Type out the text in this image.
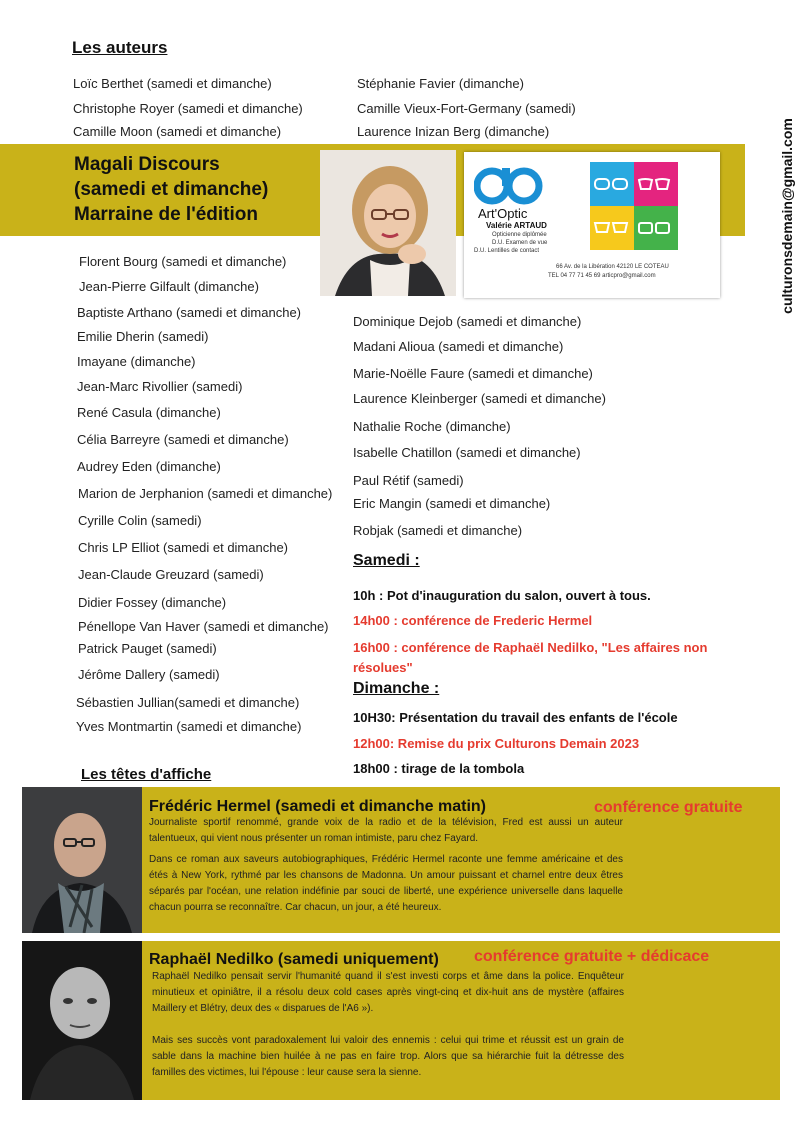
Les auteurs
Loïc Berthet (samedi et dimanche)
Christophe Royer (samedi et dimanche)
Camille Moon (samedi et dimanche)
Stéphanie Favier (dimanche)
Camille Vieux-Fort-Germany (samedi)
Laurence Inizan Berg (dimanche)
Magali Discours
(samedi et dimanche)
Marraine de l'édition	Art'Optic
Valérie ARTAUD
Opticienne diplômée
D.U. Examen de vue
D.U. Lentilles de contact
66 Av. de la Libération 42120 LE COTEAU
TEL 04 77 71 45 69 articpro@gmail.com	culturonsdemain@gmail.com
Florent Bourg (samedi et dimanche)
Jean-Pierre Gilfault (dimanche)
Baptiste Arthano (samedi et dimanche)
Emilie Dherin (samedi)
Imayane (dimanche)
Jean-Marc Rivollier (samedi)
René Casula (dimanche)
Célia Barreyre (samedi et dimanche)
Audrey Eden (dimanche)
Marion de Jerphanion (samedi et dimanche)
Cyrille Colin (samedi)
Chris LP Elliot (samedi et dimanche)
Jean-Claude Greuzard (samedi)
Didier Fossey (dimanche)
Pénellope Van Haver (samedi et dimanche)
Patrick Pauget (samedi)
Jérôme Dallery (samedi)
Sébastien Jullian(samedi et dimanche)
Yves Montmartin (samedi et dimanche)
Dominique Dejob (samedi et dimanche)
Madani Alioua (samedi et dimanche)
Marie-Noëlle Faure (samedi et dimanche)
Laurence Kleinberger (samedi et dimanche)
Nathalie Roche (dimanche)
Isabelle Chatillon (samedi et dimanche)
Paul Rétif (samedi)
Eric Mangin (samedi et dimanche)
Robjak (samedi et dimanche)
Samedi :
10h : Pot d'inauguration du salon, ouvert à tous.
14h00 : conférence de Frederic Hermel
16h00 : conférence de Raphaël Nedilko, "Les affaires non
résolues"
Dimanche :
10H30: Présentation du travail des enfants de l'école
12h00: Remise du prix Culturons Demain 2023
18h00 : tirage de la tombola
Les têtes d'affiche
Frédéric Hermel (samedi et dimanche matin)	conférence gratuite

Journaliste sportif renommé, grande voix de la radio et de la télévision, Fred est aussi un auteur talentueux, qui vient nous présenter un roman intimiste, paru chez Fayard.

Dans ce roman aux saveurs autobiographiques, Frédéric Hermel raconte une femme américaine et des étés à New York, rythmé par les chansons de Madonna. Un amour puissant et charnel entre deux êtres séparés par l'océan, une relation indéfinie par souci de liberté, une expérience universelle dans laquelle chacun pourra se reconnaître. Car chacun, un jour, a été heureux.

Raphaël Nedilko (samedi uniquement) conférence gratuite + dédicace

Raphaël Nedilko pensait servir l'humanité quand il s'est investi corps et âme dans la police. Enquêteur minutieux et opiniâtre, il a résolu deux cold cases après vingt-cinq et dix-huit ans de mystère (affaires Maillery et Blétry, deux des « disparues de l'A6 »).

Mais ses succès vont paradoxalement lui valoir des ennemis : celui qui trime et réussit est un grain de sable dans la machine bien huilée à ne pas en faire trop. Alors que sa hiérarchie fuit la détresse des familles des victimes, lui l'épouse : leur cause sera la sienne.
